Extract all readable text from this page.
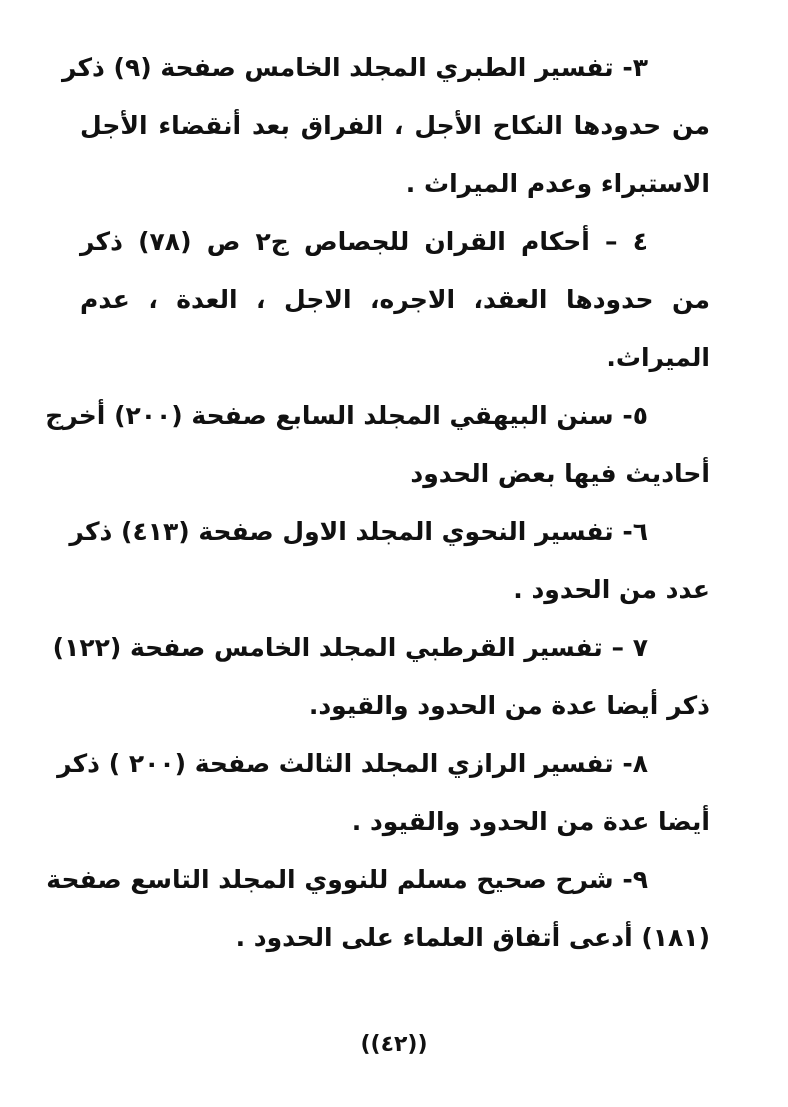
٣- تفسير الطبري المجلد الخامس صفحة (٩) ذكر
من حدودها النكاح الأجل ، الفراق بعد أنقضاء الأجل
الاستبراء وعدم الميراث .
٤ – أحكام القران للجصاص ج٢ ص (٧٨) ذكر
من حدودها العقد، الاجره، الاجل ، العدة ، عدم
الميراث.
٥- سنن البيهقي المجلد السابع صفحة (٢٠٠) أخرج
أحاديث فيها بعض الحدود
٦- تفسير النحوي المجلد الاول صفحة (٤١٣) ذكر
عدد من الحدود .
٧ – تفسير القرطبي المجلد الخامس صفحة (١٢٢)
ذكر أيضا عدة من الحدود والقيود.
٨- تفسير الرازي المجلد الثالث صفحة (٢٠٠ ) ذكر
أيضا عدة من الحدود والقيود .
٩- شرح صحيح مسلم للنووي المجلد التاسع صفحة
(١٨١) أدعى أتفاق العلماء على الحدود .
((٤٢))
